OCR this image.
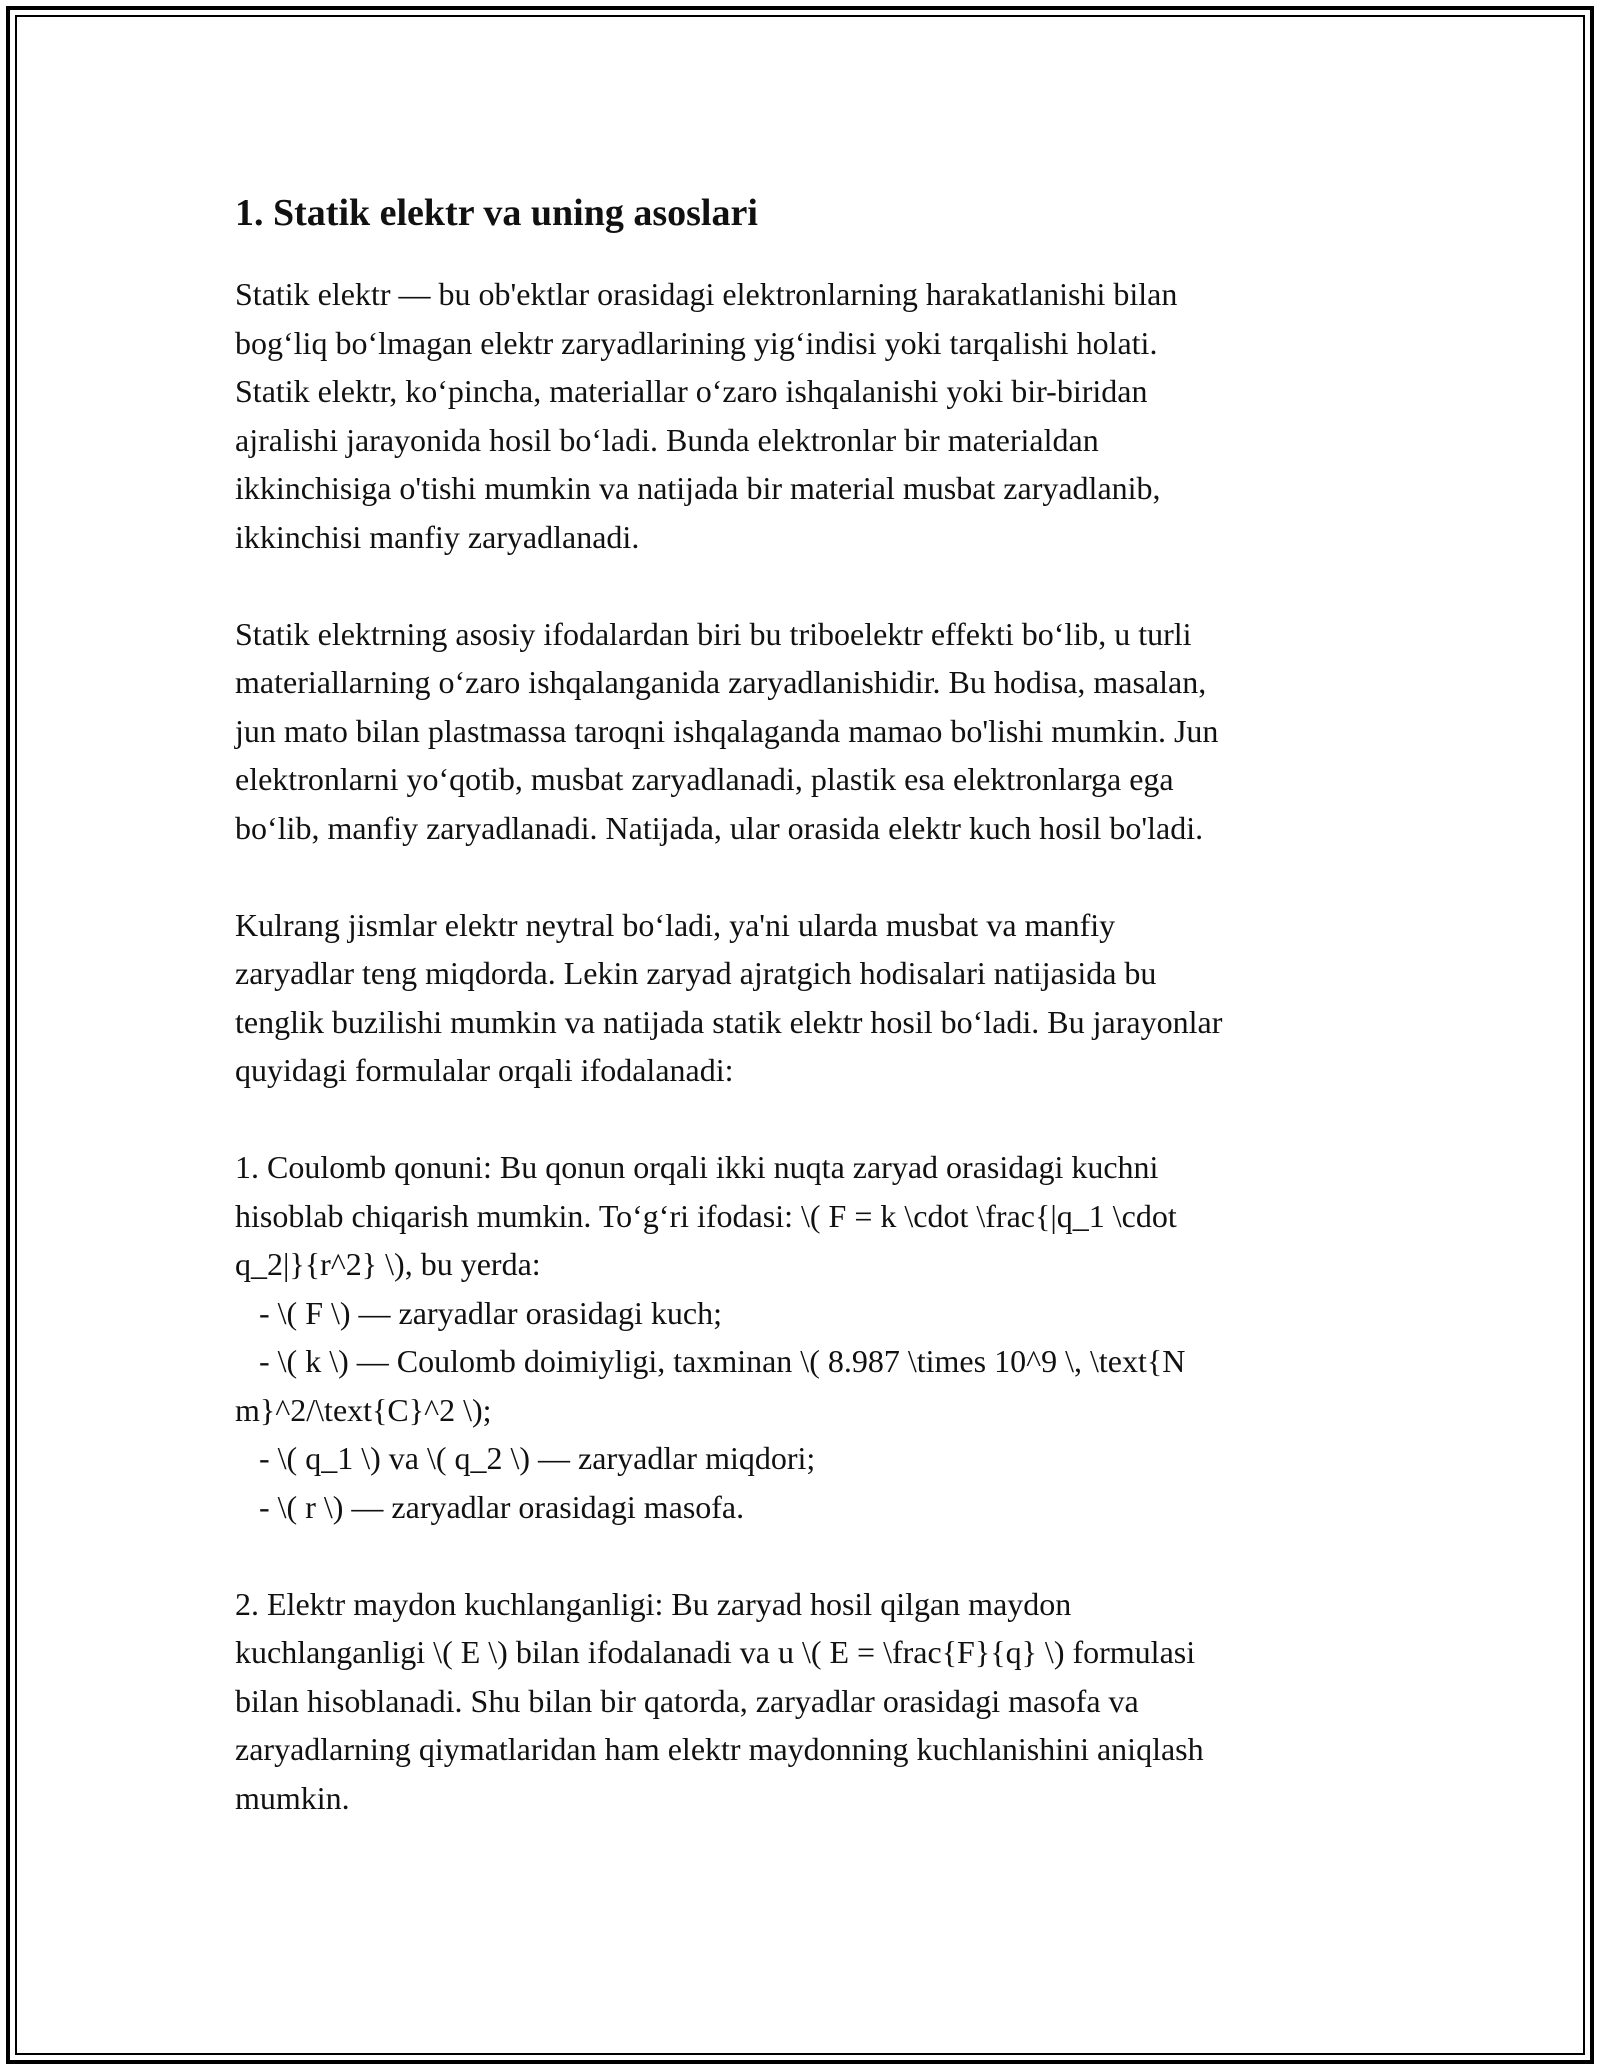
1. Statik elektr va uning asoslari
Statik elektr — bu ob'ektlar orasidagi elektronlarning harakatlanishi bilan
bog‘liq bo‘lmagan elektr zaryadlarining yig‘indisi yoki tarqalishi holati.
Statik elektr, ko‘pincha, materiallar o‘zaro ishqalanishi yoki bir-biridan
ajralishi jarayonida hosil bo‘ladi. Bunda elektronlar bir materialdan
ikkinchisiga o'tishi mumkin va natijada bir material musbat zaryadlanib,
ikkinchisi manfiy zaryadlanadi.
Statik elektrning asosiy ifodalardan biri bu triboelektr effekti bo‘lib, u turli
materiallarning o‘zaro ishqalanganida zaryadlanishidir. Bu hodisa, masalan,
jun mato bilan plastmassa taroqni ishqalaganda mamao bo'lishi mumkin. Jun
elektronlarni yo‘qotib, musbat zaryadlanadi, plastik esa elektronlarga ega
bo‘lib, manfiy zaryadlanadi. Natijada, ular orasida elektr kuch hosil bo'ladi.
Kulrang jismlar elektr neytral bo‘ladi, ya'ni ularda musbat va manfiy
zaryadlar teng miqdorda. Lekin zaryad ajratgich hodisalari natijasida bu
tenglik buzilishi mumkin va natijada statik elektr hosil bo‘ladi. Bu jarayonlar
quyidagi formulalar orqali ifodalanadi:
1. Coulomb qonuni: Bu qonun orqali ikki nuqta zaryad orasidagi kuchni
hisoblab chiqarish mumkin. To‘g‘ri ifodasi: \( F = k \cdot \frac{|q_1 \cdot
q_2|}{r^2} \), bu yerda:
- \( F \) — zaryadlar orasidagi kuch;
- \( k \) — Coulomb doimiyligi, taxminan \( 8.987 \times 10^9 \, \text{N
m}^2/\text{C}^2 \);
- \( q_1 \) va \( q_2 \) — zaryadlar miqdori;
- \( r \) — zaryadlar orasidagi masofa.
2. Elektr maydon kuchlanganligi: Bu zaryad hosil qilgan maydon
kuchlanganligi \( E \) bilan ifodalanadi va u \( E = \frac{F}{q} \) formulasi
bilan hisoblanadi. Shu bilan bir qatorda, zaryadlar orasidagi masofa va
zaryadlarning qiymatlaridan ham elektr maydonning kuchlanishini aniqlash
mumkin.
